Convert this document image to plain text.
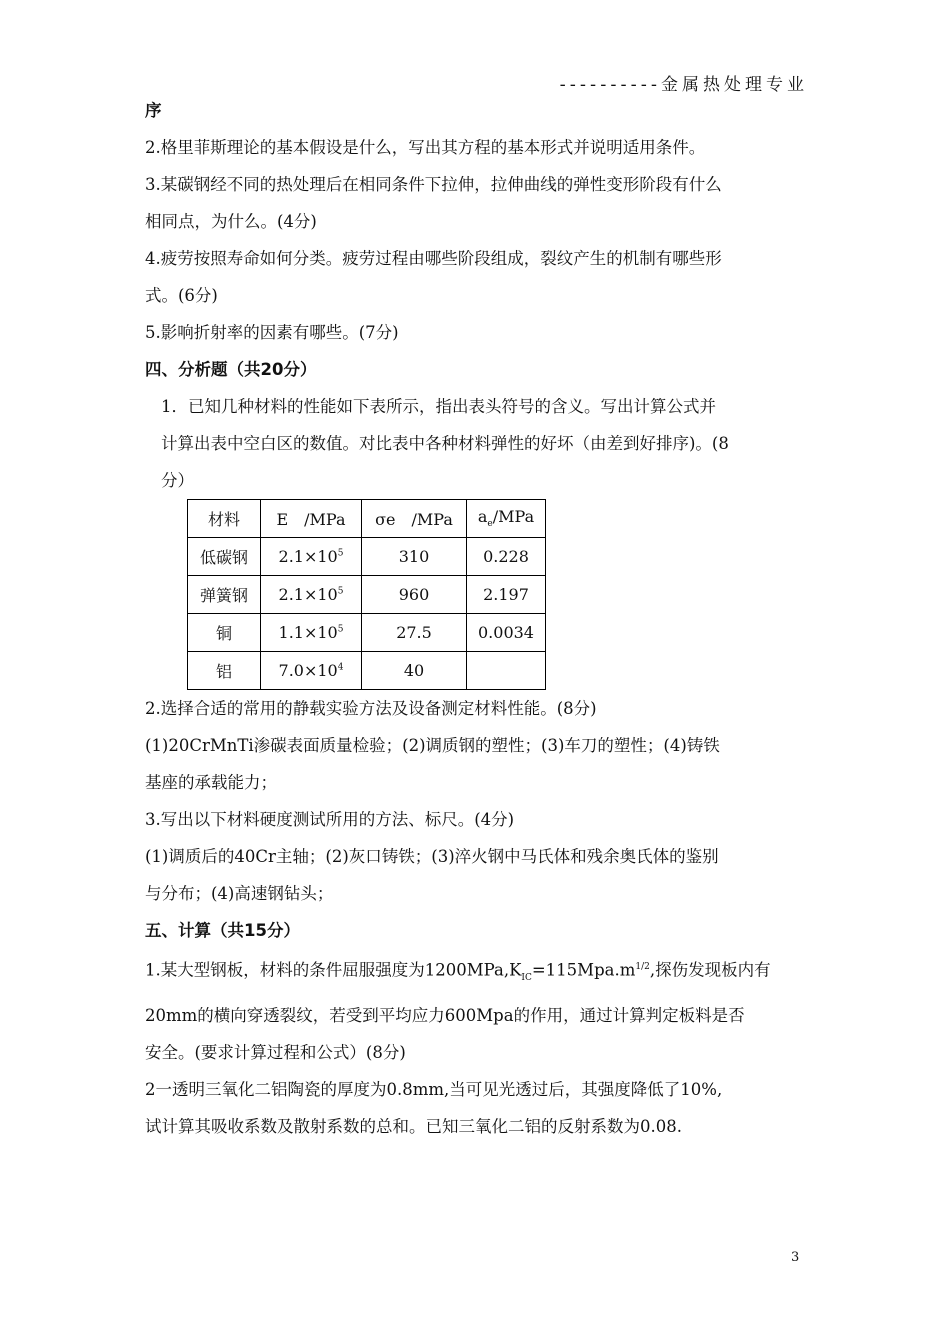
----------金属热处理专业

序

2.格里菲斯理论的基本假设是什么，写出其方程的基本形式并说明适用条件。

3.某碳钢经不同的热处理后在相同条件下拉伸，拉伸曲线的弹性变形阶段有什么

相同点，为什么。(4分)

4.疲劳按照寿命如何分类。疲劳过程由哪些阶段组成，裂纹产生的机制有哪些形

式。(6分)

5.影响折射率的因素有哪些。(7分)

四、分析题（共20分）

1．已知几种材料的性能如下表所示，指出表头符号的含义。写出计算公式并

计算出表中空白区的数值。对比表中各种材料弹性的好坏（由差到好排序)。(8

分）

材料	E　/MPa	σe　/MPa	$a_e$/MPa
低碳钢	$2.1\times 10^5$	310	0.228
弹簧钢	$2.1\times 10^5$	960	2.197
铜	$1.1\times 10^5$	27.5	0.0034
铝	$7.0\times 10^4$	40	

2.选择合适的常用的静载实验方法及设备测定材料性能。(8分)

(1)20CrMnTi渗碳表面质量检验；(2)调质钢的塑性；(3)车刀的塑性；(4)铸铁

基座的承载能力；

3.写出以下材料硬度测试所用的方法、标尺。(4分)

(1)调质后的40Cr主轴；(2)灰口铸铁；(3)淬火钢中马氏体和残余奥氏体的鉴别

与分布；(4)高速钢钻头；

五、计算（共15分）

1.某大型钢板，材料的条件屈服强度为$1200MPa,K_{IC}=115Mpa.m^{1/2}$,探伤发现板内有

20mm的横向穿透裂纹，若受到平均应力600Mpa的作用，通过计算判定板料是否

安全。(要求计算过程和公式）(8分)

2一透明三氧化二铝陶瓷的厚度为0.8mm,当可见光透过后，其强度降低了10%,

试计算其吸收系数及散射系数的总和。已知三氧化二铝的反射系数为0.08.

3
